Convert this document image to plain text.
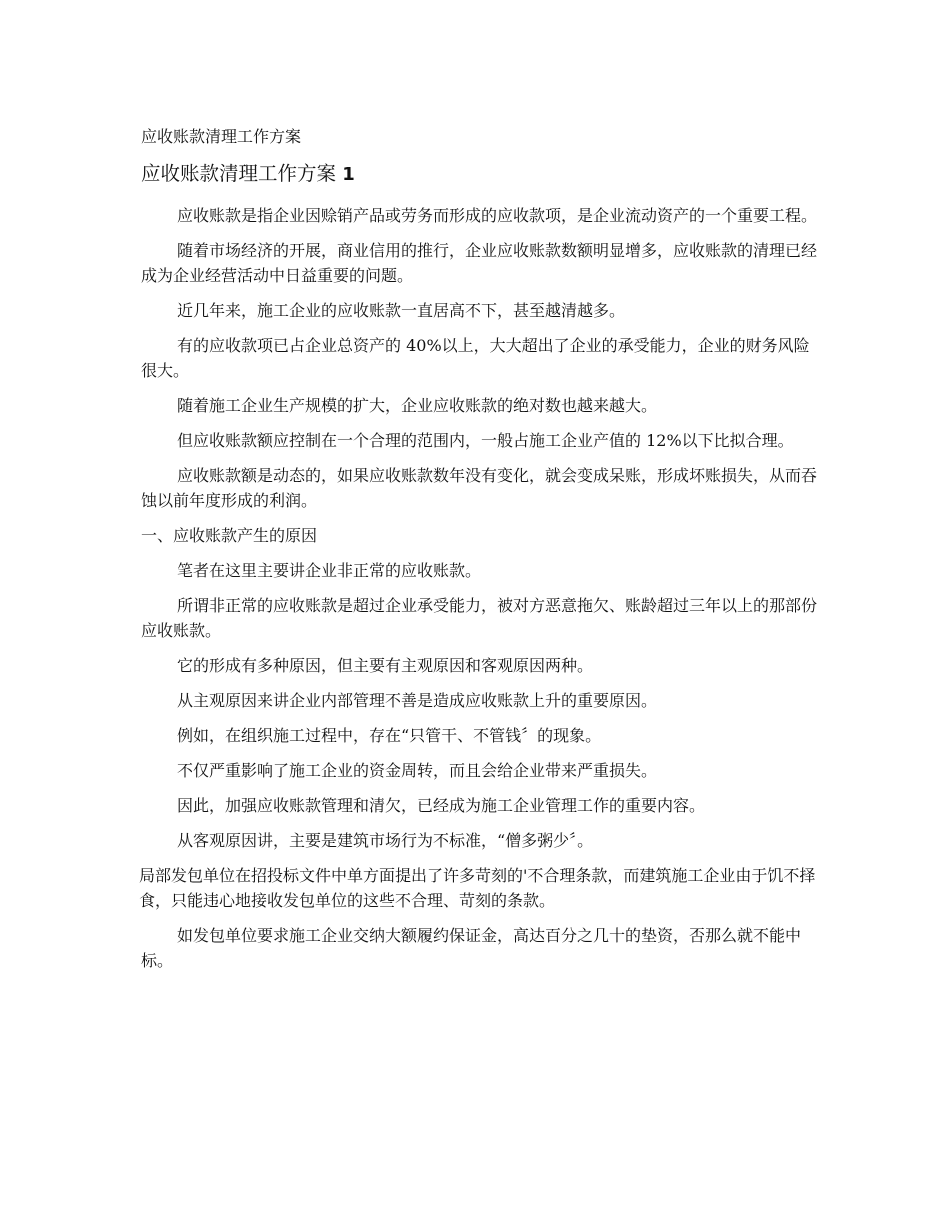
应收账款清理工作方案
应收账款清理工作方案 1

应收账款是指企业因赊销产品或劳务而形成的应收款项，是企业流动资产的一个重要工程。

随着市场经济的开展，商业信用的推行，企业应收账款数额明显增多，应收账款的清理已经成为企业经营活动中日益重要的问题。

近几年来，施工企业的应收账款一直居高不下，甚至越清越多。

有的应收款项已占企业总资产的 40%以上，大大超出了企业的承受能力，企业的财务风险很大。

随着施工企业生产规模的扩大，企业应收账款的绝对数也越来越大。

但应收账款额应控制在一个合理的范围内，一般占施工企业产值的 12%以下比拟合理。

应收账款额是动态的，如果应收账款数年没有变化，就会变成呆账，形成坏账损失，从而吞蚀以前年度形成的利润。

一、应收账款产生的原因

笔者在这里主要讲企业非正常的应收账款。

所谓非正常的应收账款是超过企业承受能力，被对方恶意拖欠、账龄超过三年以上的那部份应收账款。

它的形成有多种原因，但主要有主观原因和客观原因两种。

从主观原因来讲企业内部管理不善是造成应收账款上升的重要原因。

例如，在组织施工过程中，存在“只管干、不管钱〞的现象。

不仅严重影响了施工企业的资金周转，而且会给企业带来严重损失。

因此，加强应收账款管理和清欠，已经成为施工企业管理工作的重要内容。

从客观原因讲，主要是建筑市场行为不标准，“僧多粥少〞。

局部发包单位在招投标文件中单方面提出了许多苛刻的'不合理条款，而建筑施工企业由于饥不择食，只能违心地接收发包单位的这些不合理、苛刻的条款。

如发包单位要求施工企业交纳大额履约保证金，高达百分之几十的垫资，否那么就不能中标。
